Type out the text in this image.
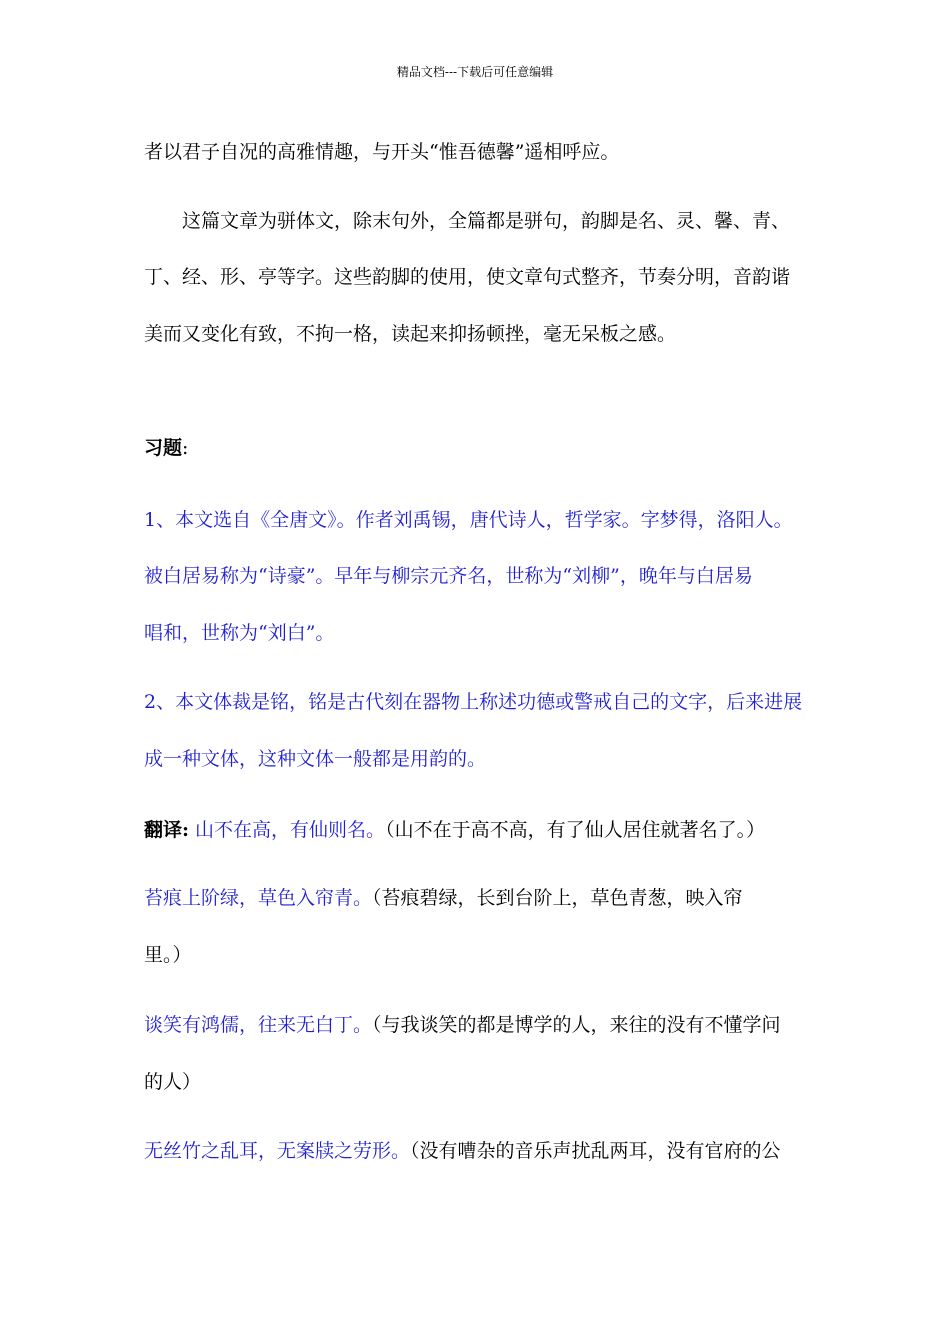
精品文档---下载后可任意编辑
者以君子自况的高雅情趣，与开头“惟吾德馨”遥相呼应。
这篇文章为骈体文，除末句外，全篇都是骈句，韵脚是名、灵、馨、青、
丁、经、形、亭等字。这些韵脚的使用，使文章句式整齐，节奏分明，音韵谐
美而又变化有致，不拘一格，读起来抑扬顿挫，毫无呆板之感。
习题:
1、本文选自《全唐文》。作者刘禹锡，唐代诗人，哲学家。字梦得，洛阳人。
被白居易称为“诗豪”。早年与柳宗元齐名，世称为“刘柳”，晚年与白居易
唱和，世称为“刘白”。
2、本文体裁是铭，铭是古代刻在器物上称述功德或警戒自己的文字，后来进展
成一种文体，这种文体一般都是用韵的。
翻译: 山不在高，有仙则名。（山不在于高不高，有了仙人居住就著名了。）
苔痕上阶绿，草色入帘青。（苔痕碧绿，长到台阶上，草色青葱，映入帘
里。）
谈笑有鸿儒，往来无白丁。（与我谈笑的都是博学的人，来往的没有不懂学问
的人）
无丝竹之乱耳，无案牍之劳形。（没有嘈杂的音乐声扰乱两耳，没有官府的公
